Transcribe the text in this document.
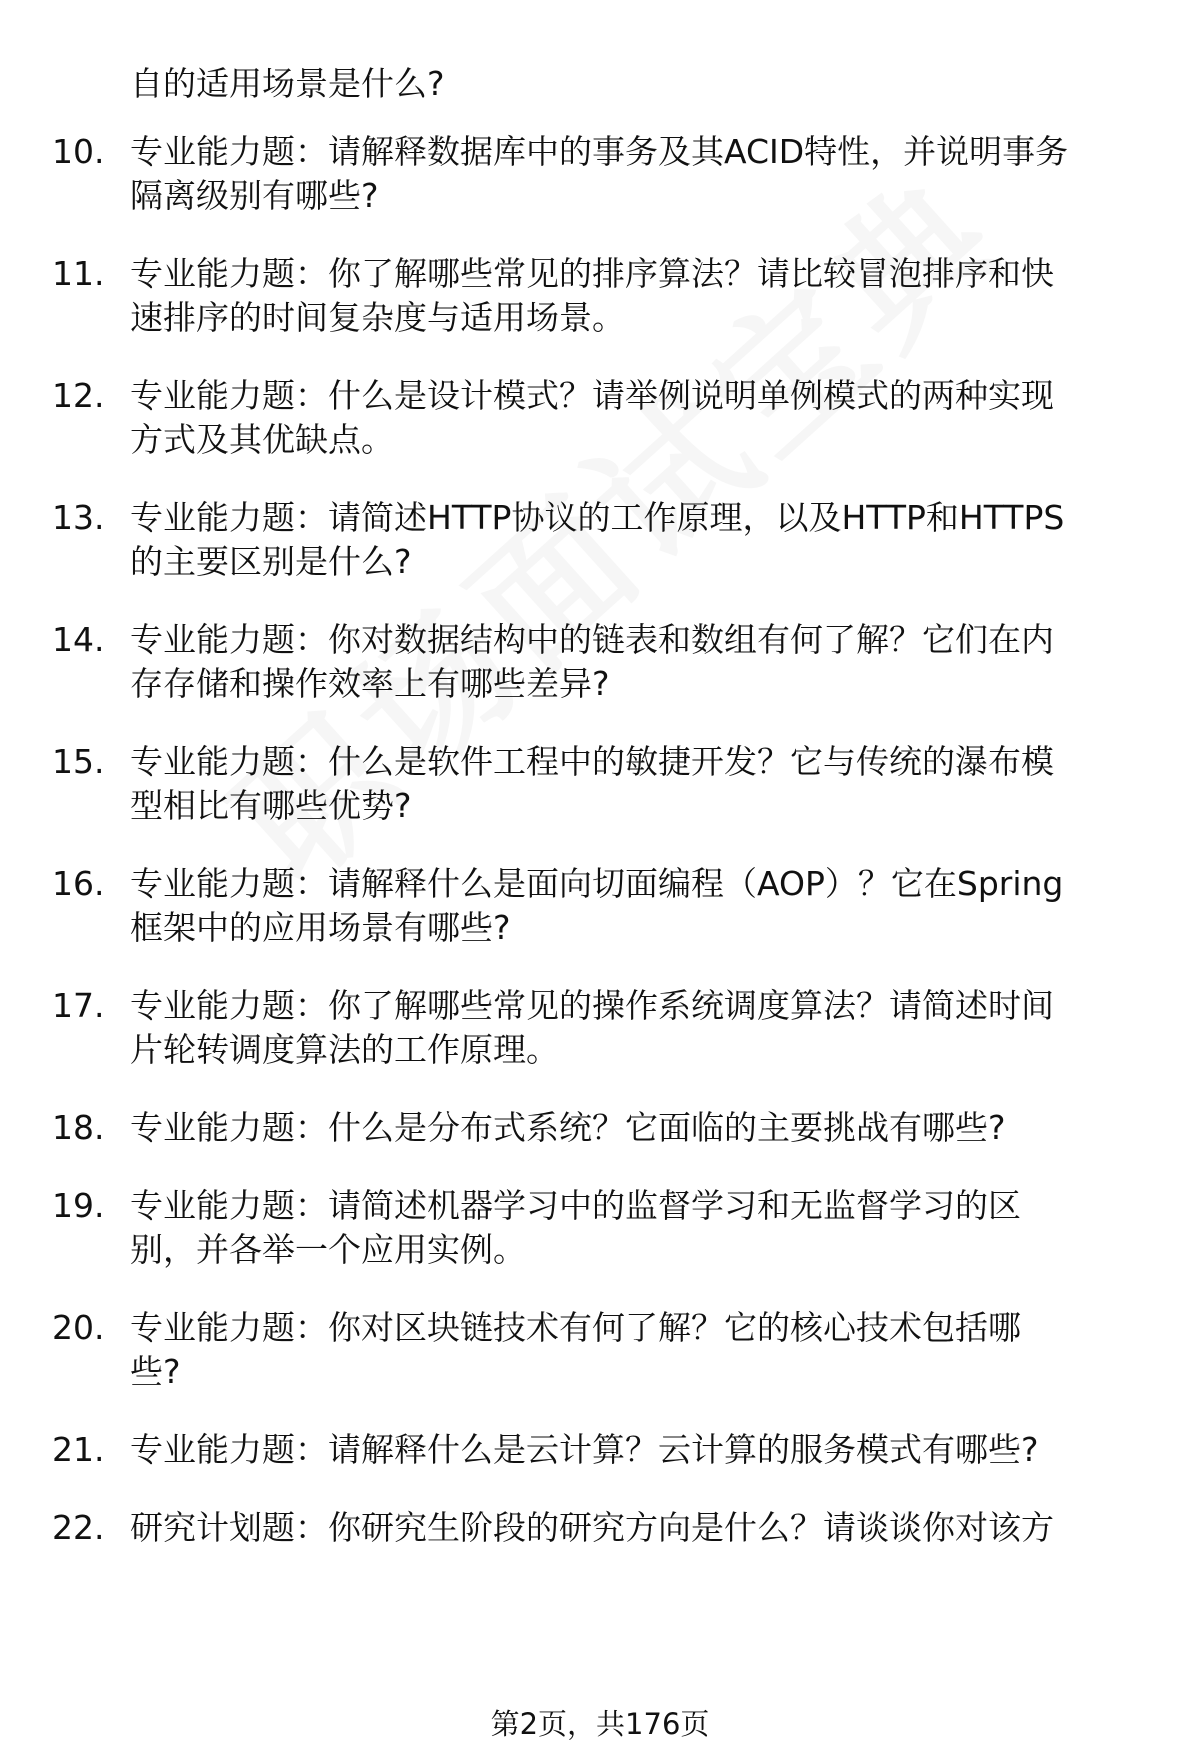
自的适用场景是什么?
10. 专业能力题：请解释数据库中的事务及其ACID特性，并说明事务
隔离级别有哪些?
11. 专业能力题：你了解哪些常见的排序算法？请比较冒泡排序和快
速排序的时间复杂度与适用场景。
12. 专业能力题：什么是设计模式？请举例说明单例模式的两种实现
方式及其优缺点。
13. 专业能力题：请简述HTTP协议的工作原理，以及HTTP和HTTPS
的主要区别是什么?
14. 专业能力题：你对数据结构中的链表和数组有何了解？它们在内
存存储和操作效率上有哪些差异?
15. 专业能力题：什么是软件工程中的敏捷开发？它与传统的瀑布模
型相比有哪些优势?
16. 专业能力题：请解释什么是面向切面编程（AOP）？它在Spring
框架中的应用场景有哪些?
17. 专业能力题：你了解哪些常见的操作系统调度算法？请简述时间
片轮转调度算法的工作原理。
18. 专业能力题：什么是分布式系统？它面临的主要挑战有哪些?
19. 专业能力题：请简述机器学习中的监督学习和无监督学习的区
别，并各举一个应用实例。
20. 专业能力题：你对区块链技术有何了解？它的核心技术包括哪
些?
21. 专业能力题：请解释什么是云计算？云计算的服务模式有哪些?
22. 研究计划题：你研究生阶段的研究方向是什么？请谈谈你对该方
第2页，共176页
